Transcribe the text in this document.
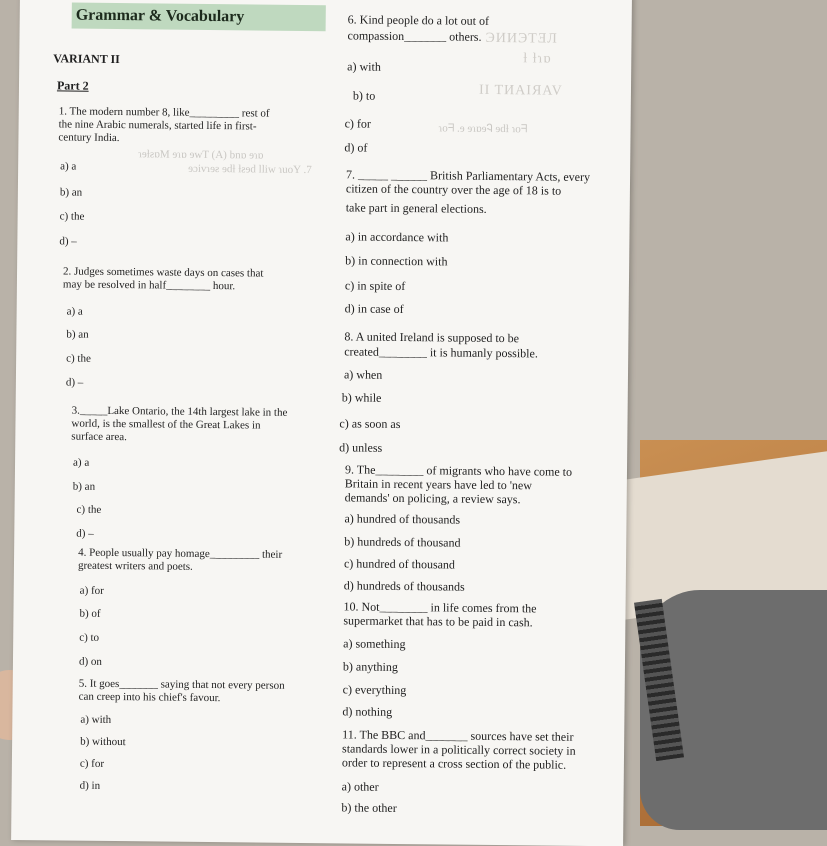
Grammar & Vocabulary
VARIANT II
Part 2
ЭИИЭТƎЛ
ƚ ƚɿɒ
II TИAIЯAV
ɿoᖷ .ɘ ɘɿɒɘᎸ ɘdƚ ɿoᖷ
ɘɔivɿɘƨ ɘdƚ ƚƨɘd lliw ɿuoY .7
ɿɘƚƨɒM ɘɿɒ ɘwT (A) bnɒ ɘɿɒ
1. The modern number 8, like_________ rest of
the nine Arabic numerals, started life in first-
century India.
a) a
b) an
c) the
d) –
2. Judges sometimes waste days on cases that
may be resolved in half________ hour.
a) a
b) an
c) the
d) –
3._____Lake Ontario, the 14th largest lake in the
world, is the smallest of the Great Lakes in
surface area.
a) a
b) an
c) the
d) –
4. People usually pay homage_________ their
greatest writers and poets.
a) for
b) of
c) to
d) on
5. It goes_______ saying that not every person
can creep into his chief's favour.
a) with
b) without
c) for
d) in
6. Kind people do a lot out of
compassion_______ others.
a) with
b) to
c) for
d) of
7. _____ ______ British Parliamentary Acts, every
citizen of the country over the age of 18 is to
take part in general elections.
a) in accordance with
b) in connection with
c) in spite of
d) in case of
8. A united Ireland is supposed to be
created________ it is humanly possible.
a) when
b) while
c) as soon as
d) unless
9. The________ of migrants who have come to
Britain in recent years have led to 'new
demands' on policing, a review says.
a) hundred of thousands
b) hundreds of thousand
c) hundred of thousand
d) hundreds of thousands
10. Not________ in life comes from the
supermarket that has to be paid in cash.
a) something
b) anything
c) everything
d) nothing
11. The BBC and_______ sources have set their
standards lower in a politically correct society in
order to represent a cross section of the public.
a) other
b) the other
